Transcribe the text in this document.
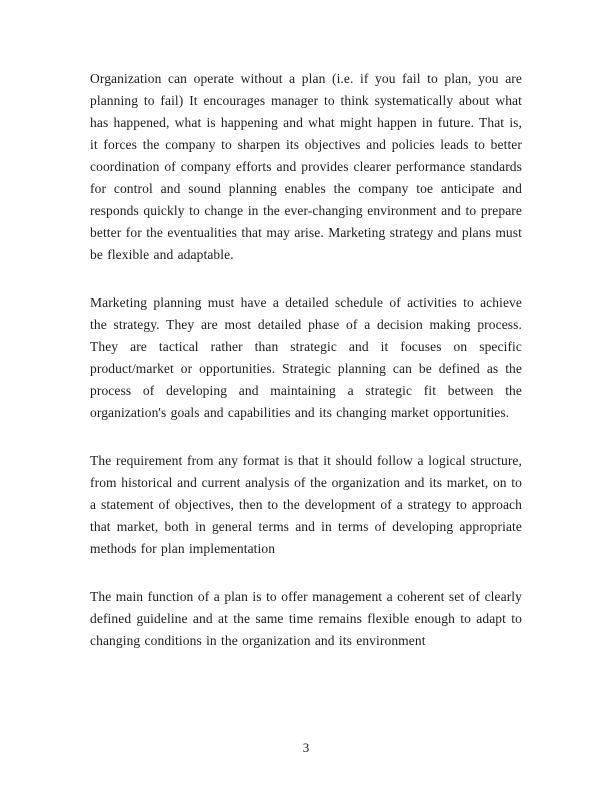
Organization can operate without a plan (i.e. if you fail to plan, you are planning to fail) It encourages manager to think systematically about what has happened, what is happening and what might happen in future. That is, it forces the company to sharpen its objectives and policies leads to better coordination of company efforts and provides clearer performance standards for control and sound planning enables the company toe anticipate and responds quickly to change in the ever-changing environment and to prepare better for the eventualities that may arise. Marketing strategy and plans must be flexible and adaptable.

Marketing planning must have a detailed schedule of activities to achieve the strategy. They are most detailed phase of a decision making process. They are tactical rather than strategic and it focuses on specific product/market or opportunities. Strategic planning can be defined as the process of developing and maintaining a strategic fit between the organization's goals and capabilities and its changing market opportunities.

The requirement from any format is that it should follow a logical structure, from historical and current analysis of the organization and its market, on to a statement of objectives, then to the development of a strategy to approach that market, both in general terms and in terms of developing appropriate methods for plan implementation

The main function of a plan is to offer management a coherent set of clearly defined guideline and at the same time remains flexible enough to adapt to changing conditions in the organization and its environment

3
